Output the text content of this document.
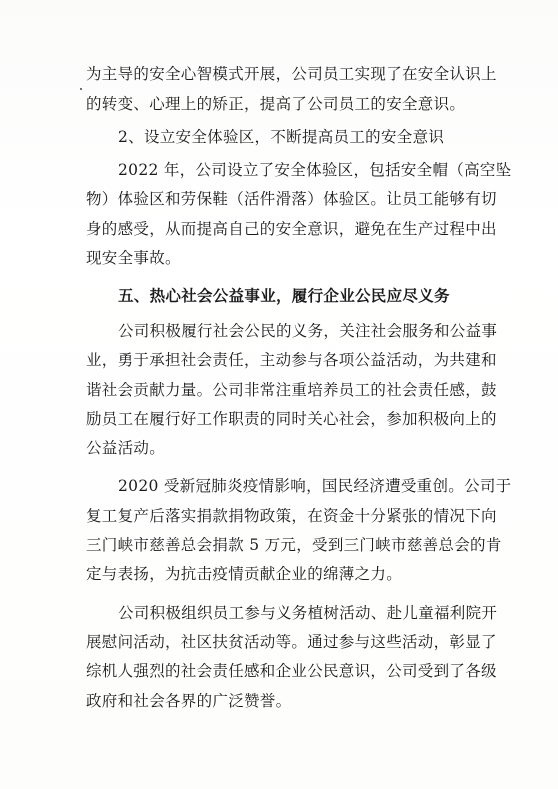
为主导的安全心智模式开展，公司员工实现了在安全认识上
的转变、心理上的矫正，提高了公司员工的安全意识。
2、设立安全体验区，不断提高员工的安全意识
2022 年，公司设立了安全体验区，包括安全帽（高空坠
物）体验区和劳保鞋（活件滑落）体验区。让员工能够有切
身的感受，从而提高自己的安全意识，避免在生产过程中出
现安全事故。
五、热心社会公益事业，履行企业公民应尽义务
公司积极履行社会公民的义务，关注社会服务和公益事
业，勇于承担社会责任，主动参与各项公益活动，为共建和
谐社会贡献力量。公司非常注重培养员工的社会责任感，鼓
励员工在履行好工作职责的同时关心社会，参加积极向上的
公益活动。
2020 受新冠肺炎疫情影响，国民经济遭受重创。公司于
复工复产后落实捐款捐物政策，在资金十分紧张的情况下向
三门峡市慈善总会捐款 5 万元，受到三门峡市慈善总会的肯
定与表扬，为抗击疫情贡献企业的绵薄之力。
公司积极组织员工参与义务植树活动、赴儿童福利院开
展慰问活动，社区扶贫活动等。通过参与这些活动，彰显了
综机人强烈的社会责任感和企业公民意识，公司受到了各级
政府和社会各界的广泛赞誉。
